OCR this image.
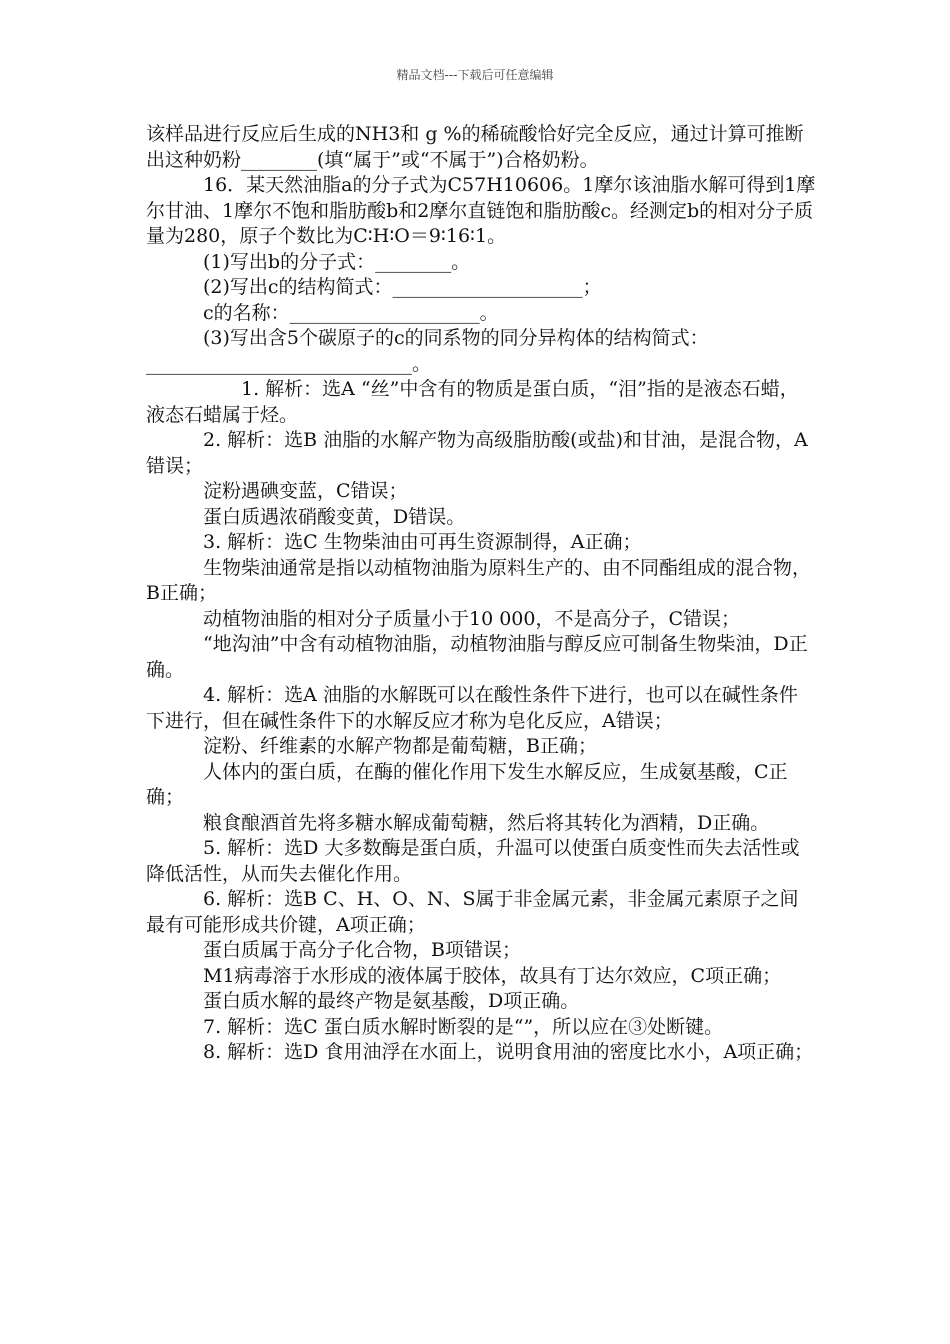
精品文档---下载后可任意编辑

该样品进行反应后生成的NH3和 g %的稀硫酸恰好完全反应，通过计算可推断出这种奶粉________(填“属于”或“不属于”)合格奶粉。

16．某天然油脂a的分子式为C57H10606。1摩尔该油脂水解可得到1摩尔甘油、1摩尔不饱和脂肪酸b和2摩尔直链饱和脂肪酸c。经测定b的相对分子质量为280，原子个数比为C∶H∶O＝9∶16∶1。

(1)写出b的分子式：________。

(2)写出c的结构简式：____________________；

c的名称：____________________。

(3)写出含5个碳原子的c的同系物的同分异构体的结构简式：____________________________。

1. 解析：选A “丝”中含有的物质是蛋白质，“泪”指的是液态石蜡，液态石蜡属于烃。

2. 解析：选B 油脂的水解产物为高级脂肪酸(或盐)和甘油，是混合物，A错误；

淀粉遇碘变蓝，C错误；

蛋白质遇浓硝酸变黄，D错误。

3. 解析：选C 生物柴油由可再生资源制得，A正确；

生物柴油通常是指以动植物油脂为原料生产的、由不同酯组成的混合物，B正确；

动植物油脂的相对分子质量小于10 000，不是高分子，C错误；

“地沟油”中含有动植物油脂，动植物油脂与醇反应可制备生物柴油，D正确。

4. 解析：选A 油脂的水解既可以在酸性条件下进行，也可以在碱性条件下进行，但在碱性条件下的水解反应才称为皂化反应，A错误；

淀粉、纤维素的水解产物都是葡萄糖，B正确；

人体内的蛋白质，在酶的催化作用下发生水解反应，生成氨基酸，C正确；

粮食酿酒首先将多糖水解成葡萄糖，然后将其转化为酒精，D正确。

5. 解析：选D 大多数酶是蛋白质，升温可以使蛋白质变性而失去活性或降低活性，从而失去催化作用。

6. 解析：选B C、H、O、N、S属于非金属元素，非金属元素原子之间最有可能形成共价键，A项正确；

蛋白质属于高分子化合物，B项错误；

M1病毒溶于水形成的液体属于胶体，故具有丁达尔效应，C项正确；

蛋白质水解的最终产物是氨基酸，D项正确。

7. 解析：选C 蛋白质水解时断裂的是“”，所以应在③处断键。

8. 解析：选D 食用油浮在水面上，说明食用油的密度比水小，A项正确；
